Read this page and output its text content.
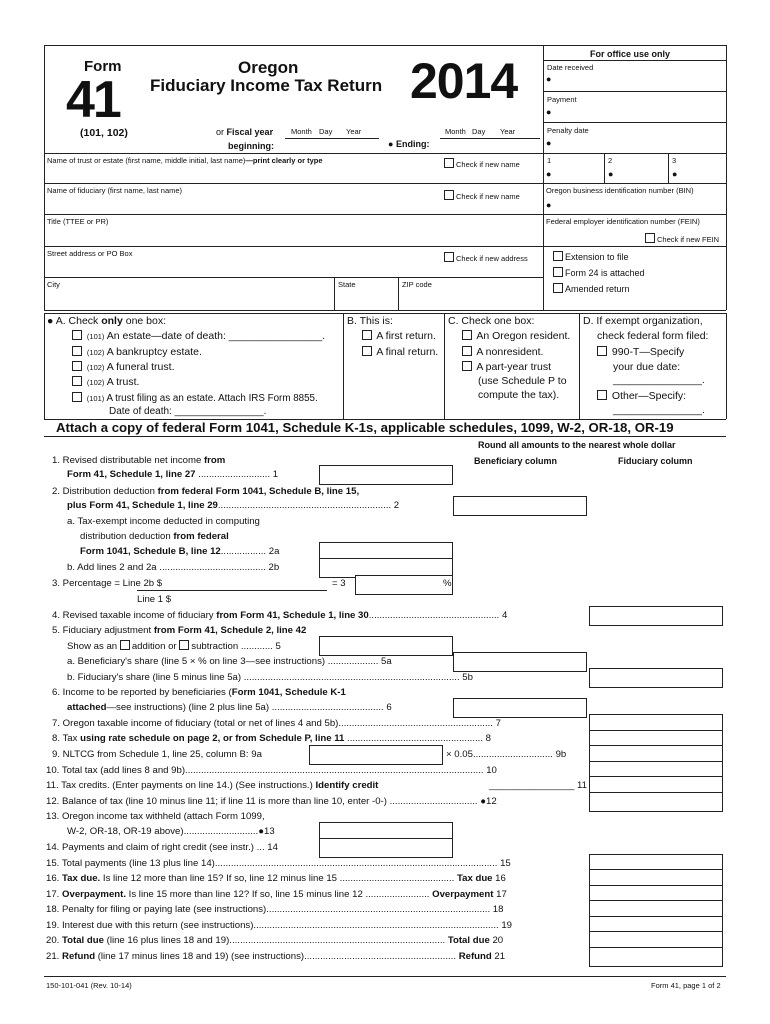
Form
41
(101, 102)
Oregon
Fiduciary Income Tax Return 2014
or Fiscal year
beginning:
Month Day Year	Month Day Year
● Ending:
For office use only
Date received
●
Payment
●
Penalty date
●
1	2	3
●	●	●
Name of trust or estate (first name, middle initial, last name)—print clearly or type	Check if new name
Name of fiduciary (first name, last name)
Check if new name
Oregon business identification number (BIN)
●
Title (TTEE or PR)	Federal employer identification number (FEIN)
Check if new FEIN
Street address or PO Box
Check if new address	Extension to file
Form 24 is attached
Amended return
City	State	ZIP code
● A. Check only one box:
(101) An estate—date of death: ________________.
(102) A bankruptcy estate.
(102) A funeral trust.
(102) A trust.
(101) A trust filing as an estate. Attach IRS Form 8855.
Date of death: ________________.
B. This is:
A first return.
A final return.
C. Check one box:
An Oregon resident.
A nonresident.
A part-year trust
(use Schedule P to
compute the tax).
D. If exempt organization,
check federal form filed:
990-T—Specify
your due date:
________________.
Other—Specify:
________________.
Attach a copy of federal Form 1041, Schedule K-1s, applicable schedules, 1099, W-2, OR-18, OR-19
Round all amounts to the nearest whole dollar
Beneficiary column	Fiduciary column
1. Revised distributable net income from
Form 41, Schedule 1, line 27 ........................... 1
2. Distribution deduction from federal Form 1041, Schedule B, line 15,
plus Form 41, Schedule 1, line 29................................................................. 2
a. Tax-exempt income deducted in computing
distribution deduction from federal
Form 1041, Schedule B, line 12................. 2a
b. Add lines 2 and 2a ........................................ 2b
3. Percentage = Line 2b $	= 3	%
Line 1 $
4. Revised taxable income of fiduciary from Form 41, Schedule 1, line 30................................................. 4
5. Fiduciary adjustment from Form 41, Schedule 2, line 42
Show as an addition or subtraction ............ 5
a. Beneficiary's share (line 5 × % on line 3—see instructions) ................... 5a
b. Fiduciary's share (line 5 minus line 5a) ................................................................................. 5b
6. Income to be reported by beneficiaries (Form 1041, Schedule K-1
attached—see instructions) (line 2 plus line 5a) .......................................... 6
7. Oregon taxable income of fiduciary (total or net of lines 4 and 5b).......................................................... 7
8. Tax using rate schedule on page 2, or from Schedule P, line 11 ................................................... 8
9. NLTCG from Schedule 1, line 25, column B: 9a	× 0.05.............................. 9b
10. Total tax (add lines 8 and 9b)................................................................................................................ 10
11. Tax credits. (Enter payments on line 14.) (See instructions.) Identify credit	________________ 11
12. Balance of tax (line 10 minus line 11; if line 11 is more than line 10, enter -0-) ................................. ●12
13. Oregon income tax withheld (attach Form 1099,
W-2, OR-18, OR-19 above)............................●13
14. Payments and claim of right credit (see instr.) ... 14
15. Total payments (line 13 plus line 14).......................................................................................................... 15
16. Tax due. Is line 12 more than line 15? If so, line 12 minus line 15 ........................................... Tax due 16
17. Overpayment. Is line 15 more than line 12? If so, line 15 minus line 12 ........................ Overpayment 17
18. Penalty for filing or paying late (see instructions).................................................................................... 18
19. Interest due with this return (see instructions)............................................................................................ 19
20. Total due (line 16 plus lines 18 and 19)................................................................................. Total due 20
21. Refund (line 17 minus lines 18 and 19) (see instructions)......................................................... Refund 21
150-101-041 (Rev. 10-14)	Form 41, page 1 of 2
